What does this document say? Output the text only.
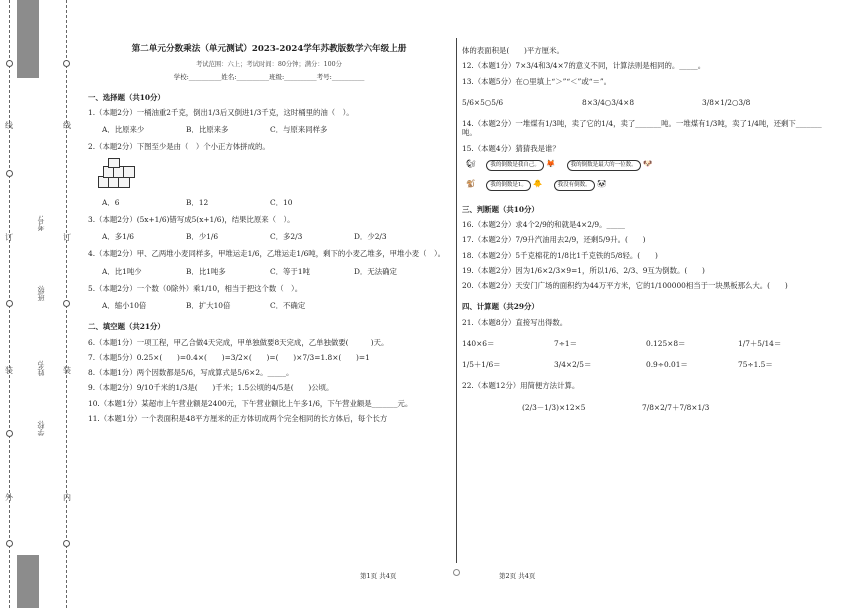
线
订
装
外
线
订
装
内
考号:
班级:
姓名:
学校:
第二单元分数乘法（单元测试）2023-2024学年苏教版数学六年级上册
考试范围：六上；考试时间：80分钟；满分：100分
学校:__________姓名:__________班级:__________考号:__________
一、选择题（共10分）
1.（本题2分）一桶油重2千克，倒出1/3后又倒进1/3千克，这时桶里的油（　）。
A．比原来少	B．比原来多	C．与原来同样多
2.（本题2分）下图至少是由（　）个小正方体拼成的。
A．6	B．12	C．10
3.（本题2分）(5x+1/6)错写成5(x+1/6)，结果比原来（　）。
A．多1/6	B．少1/6	C．多2/3	D．少2/3
4.（本题2分）甲、乙两堆小麦同样多，甲堆运走1/6，乙堆运走1/6吨，剩下的小麦乙堆多，甲堆小麦（　）。
A．比1吨少	B．比1吨多	C．等于1吨	D．无法确定
5.（本题2分）一个数（0除外）乘1/10，相当于把这个数（　）。
A．缩小10倍	B．扩大10倍	C．不确定
二、填空题（共21分）
6.（本题1分）一项工程，甲乙合做4天完成，甲单独做要8天完成，乙单独做要(　　　)天。
7.（本题5分）0.25×(　　)=0.4×(　　)=3/2×(　　)=(　　)×7/3=1.8×(　　)=1
8.（本题1分）两个因数都是5/6，写成算式是5/6×2。_____。
9.（本题2分）9/10千米的1/3是(　　)千米；1.5公顷的4/5是(　　)公顷。
10.（本题1分）某超市上午营业额是2400元，下午营业额比上午多1/6，下午营业额是_______元。
11.（本题1分）一个表面积是48平方厘米的正方体切成两个完全相同的长方体后，每个长方
体的表面积是(　　)平方厘米。
12.（本题1分）7×3/4和3/4×7的意义不同，计算法则是相同的。_____。
13.（本题5分）在○里填上“＞”“＜”或“＝”。
5/6×5○5/6	8×3/4○3/4×8	3/8×1/2○3/8
14.（本题2分）一堆煤有1/3吨，卖了它的1/4，卖了_______吨。一堆煤有1/3吨，卖了1/4吨，还剩下_______吨。
15.（本题4分）猜猜我是谁？
🐿	我的倒数是我自己。 🦊	我的倒数是最大的一位数。 🐶
🐒	我的倒数是1。 🐥	我没有倒数。 🐼
三、判断题（共10分）
16.（本题2分）求4个2/9的和就是4×2/9。_____
17.（本题2分）7/9升汽油用去2/9，还剩5/9升。(　　)
18.（本题2分）5千克棉花的1/8比1千克铁的5/8轻。(　　)
19.（本题2分）因为1/6×2/3×9=1，所以1/6、2/3、9互为倒数。(　　)
20.（本题2分）天安门广场的面积约为44万平方米，它的1/100000相当于一块黑板那么大。(　　)
四、计算题（共29分）
21.（本题8分）直接写出得数。
140×6＝	7÷1＝	0.125×8＝	1/7＋5/14＝
1/5＋1/6＝	3/4×2/5＝	0.9÷0.01＝	75÷1.5＝
22.（本题12分）用简便方法计算。
(2/3－1/3)×12×5	7/8×2/7＋7/8×1/3
第1页 共4页	第2页 共4页
